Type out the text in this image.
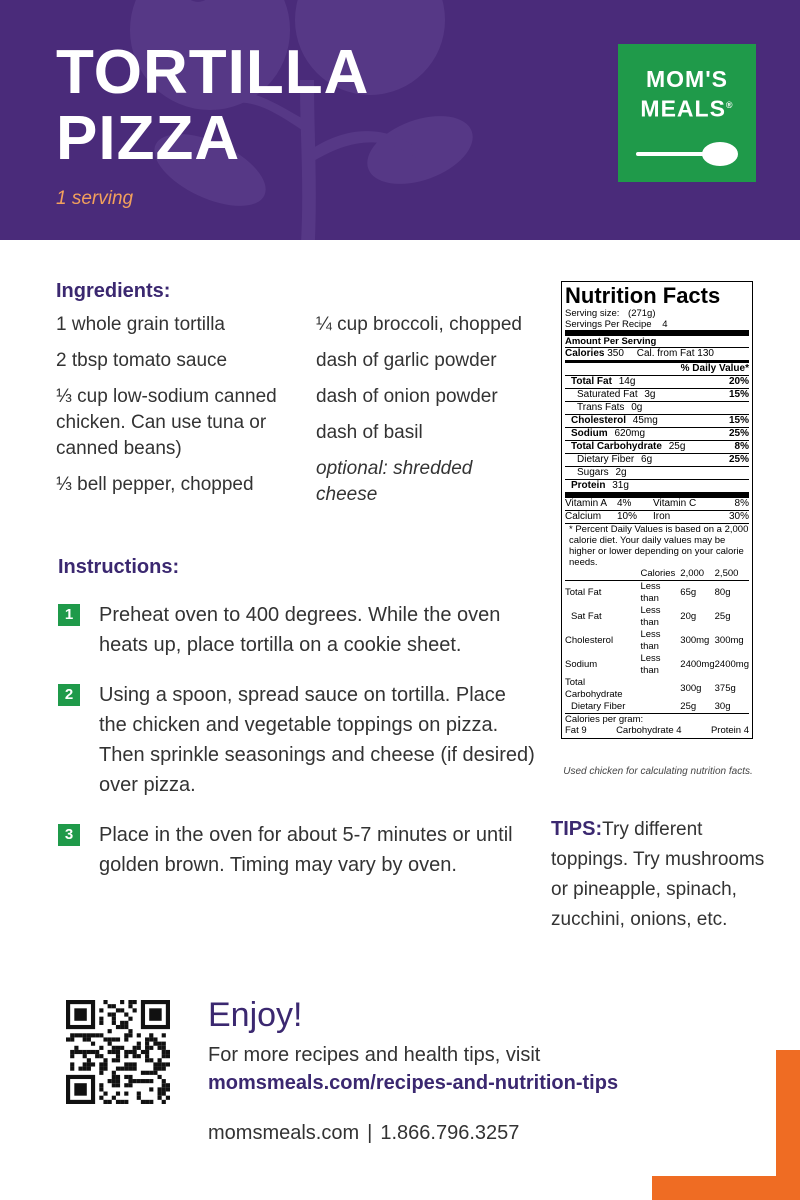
TORTILLA
PIZZA
1 serving
MOM'S
MEALS®
Ingredients:
1 whole grain tortilla
2 tbsp tomato sauce
⅓ cup low-sodium canned chicken. Can use tuna or canned beans)
⅓ bell pepper, chopped
¼ cup broccoli, chopped
dash of garlic powder
dash of onion powder
dash of basil
optional: shredded cheese
Instructions:
1	Preheat oven to 400 degrees. While the oven heats up, place tortilla on a cookie sheet.
2	Using a spoon, spread sauce on tortilla. Place the chicken and vegetable toppings on pizza. Then sprinkle seasonings and cheese (if desired) over pizza.
3	Place in the oven for about 5-7 minutes or until golden brown. Timing may vary by oven.
Nutrition Facts
Serving size: (271g)
Servings Per Recipe 4
Amount Per Serving
Calories 350 Cal. from Fat 130
% Daily Value*
Total Fat 14g	20%
Saturated Fat 3g	15%
Trans Fats 0g
Cholesterol 45mg	15%
Sodium 620mg	25%
Total Carbohydrate 25g	8%
Dietary Fiber 6g	25%
Sugars 2g
Protein 31g
Vitamin A 4%	Vitamin C	8%
Calcium	10%	Iron	30%
* Percent Daily Values is based on a 2,000 calorie diet. Your daily values may be higher or lower depending on your calorie needs.
	Calories	2,000	2,500
Total Fat	Less than	65g	80g
Sat Fat	Less than	20g	25g
Cholesterol	Less than	300mg	300mg
Sodium	Less than	2400mg	2400mg
Total Carbohydrate		300g	375g
Dietary Fiber		25g	30g
Calories per gram:
Fat 9	Carbohydrate 4	Protein 4
Used chicken for calculating nutrition facts.
TIPS:Try different toppings. Try mushrooms or pineapple, spinach, zucchini, onions, etc.
Enjoy!
For more recipes and health tips, visit
momsmeals.com/recipes-and-nutrition-tips
momsmeals.com | 1.866.796.3257
